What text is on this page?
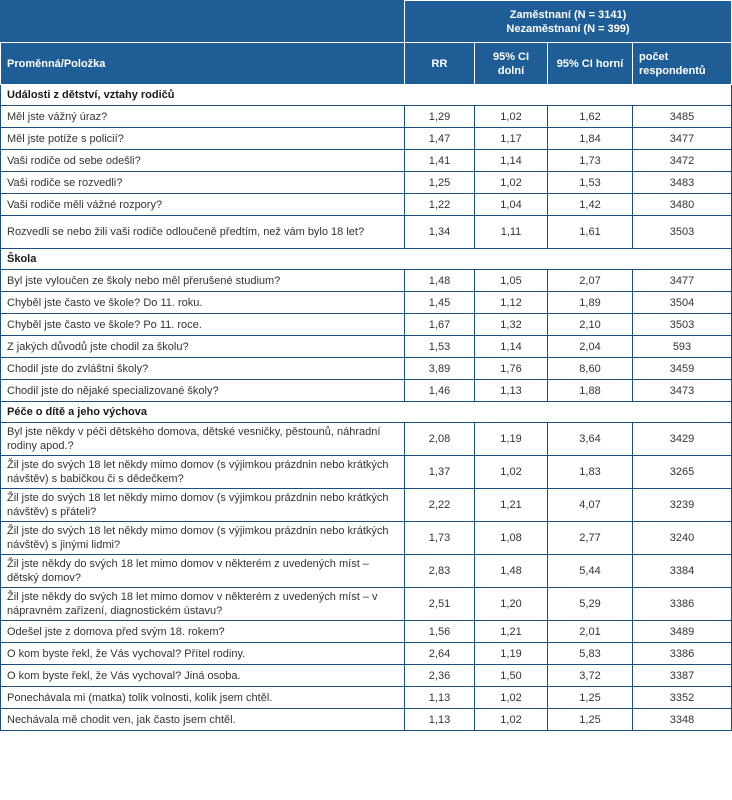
	Zaměstnaní (N = 3141)
Nezaměstnaní (N = 399)			

Proměnná/Položka	RR	95% CI dolní	95% CI horní	počet
respondentů

Události z dětství, vztahy rodičů				
Měl jste vážný úraz?	1,29	1,02	1,62	3485
Měl jste potíže s policií?	1,47	1,17	1,84	3477
Vaši rodiče od sebe odešli?	1,41	1,14	1,73	3472
Vaši rodiče se rozvedli?	1,25	1,02	1,53	3483
Vaši rodiče měli vážné rozpory?	1,22	1,04	1,42	3480
Rozvedli se nebo žili vaši rodiče odloučeně předtím, než vám bylo 18 let?	1,34	1,11	1,61	3503
Škola				
Byl jste vyloučen ze školy nebo měl přerušené studium?	1,48	1,05	2,07	3477
Chyběl jste často ve škole? Do 11. roku.	1,45	1,12	1,89	3504
Chyběl jste často ve škole? Po 11. roce.	1,67	1,32	2,10	3503
Z jakých důvodů jste chodil za školu?	1,53	1,14	2,04	593
Chodil jste do zvláštní školy?	3,89	1,76	8,60	3459
Chodil jste do nějaké specializované školy?	1,46	1,13	1,88	3473
Péče o dítě a jeho výchova				
Byl jste někdy v péči dětského domova, dětské vesničky, pěstounů, náhradní rodiny apod.?	2,08	1,19	3,64	3429
Žil jste do svých 18 let někdy mimo domov (s výjimkou prázdnin nebo krátkých návštěv) s babičkou či s dědečkem?	1,37	1,02	1,83	3265
Žil jste do svých 18 let někdy mimo domov (s výjimkou prázdnin nebo krátkých návštěv) s přáteli?	2,22	1,21	4,07	3239
Žil jste do svých 18 let někdy mimo domov (s výjimkou prázdnin nebo krátkých návštěv) s jinými lidmi?	1,73	1,08	2,77	3240
Žil jste někdy do svých 18 let mimo domov v některém z uvedených míst – dětský domov?	2,83	1,48	5,44	3384
Žil jste někdy do svých 18 let mimo domov v některém z uvedených míst – v nápravném zařízení, diagnostickém ústavu?	2,51	1,20	5,29	3386
Odešel jste z domova před svým 18. rokem?	1,56	1,21	2,01	3489
O kom byste řekl, že Vás vychoval? Přítel rodiny.	2,64	1,19	5,83	3386
O kom byste řekl, že Vás vychoval? Jiná osoba.	2,36	1,50	3,72	3387
Ponechávala mi (matka) tolik volnosti, kolik jsem chtěl.	1,13	1,02	1,25	3352
Nechávala mě chodit ven, jak často jsem chtěl.	1,13	1,02	1,25	3348
